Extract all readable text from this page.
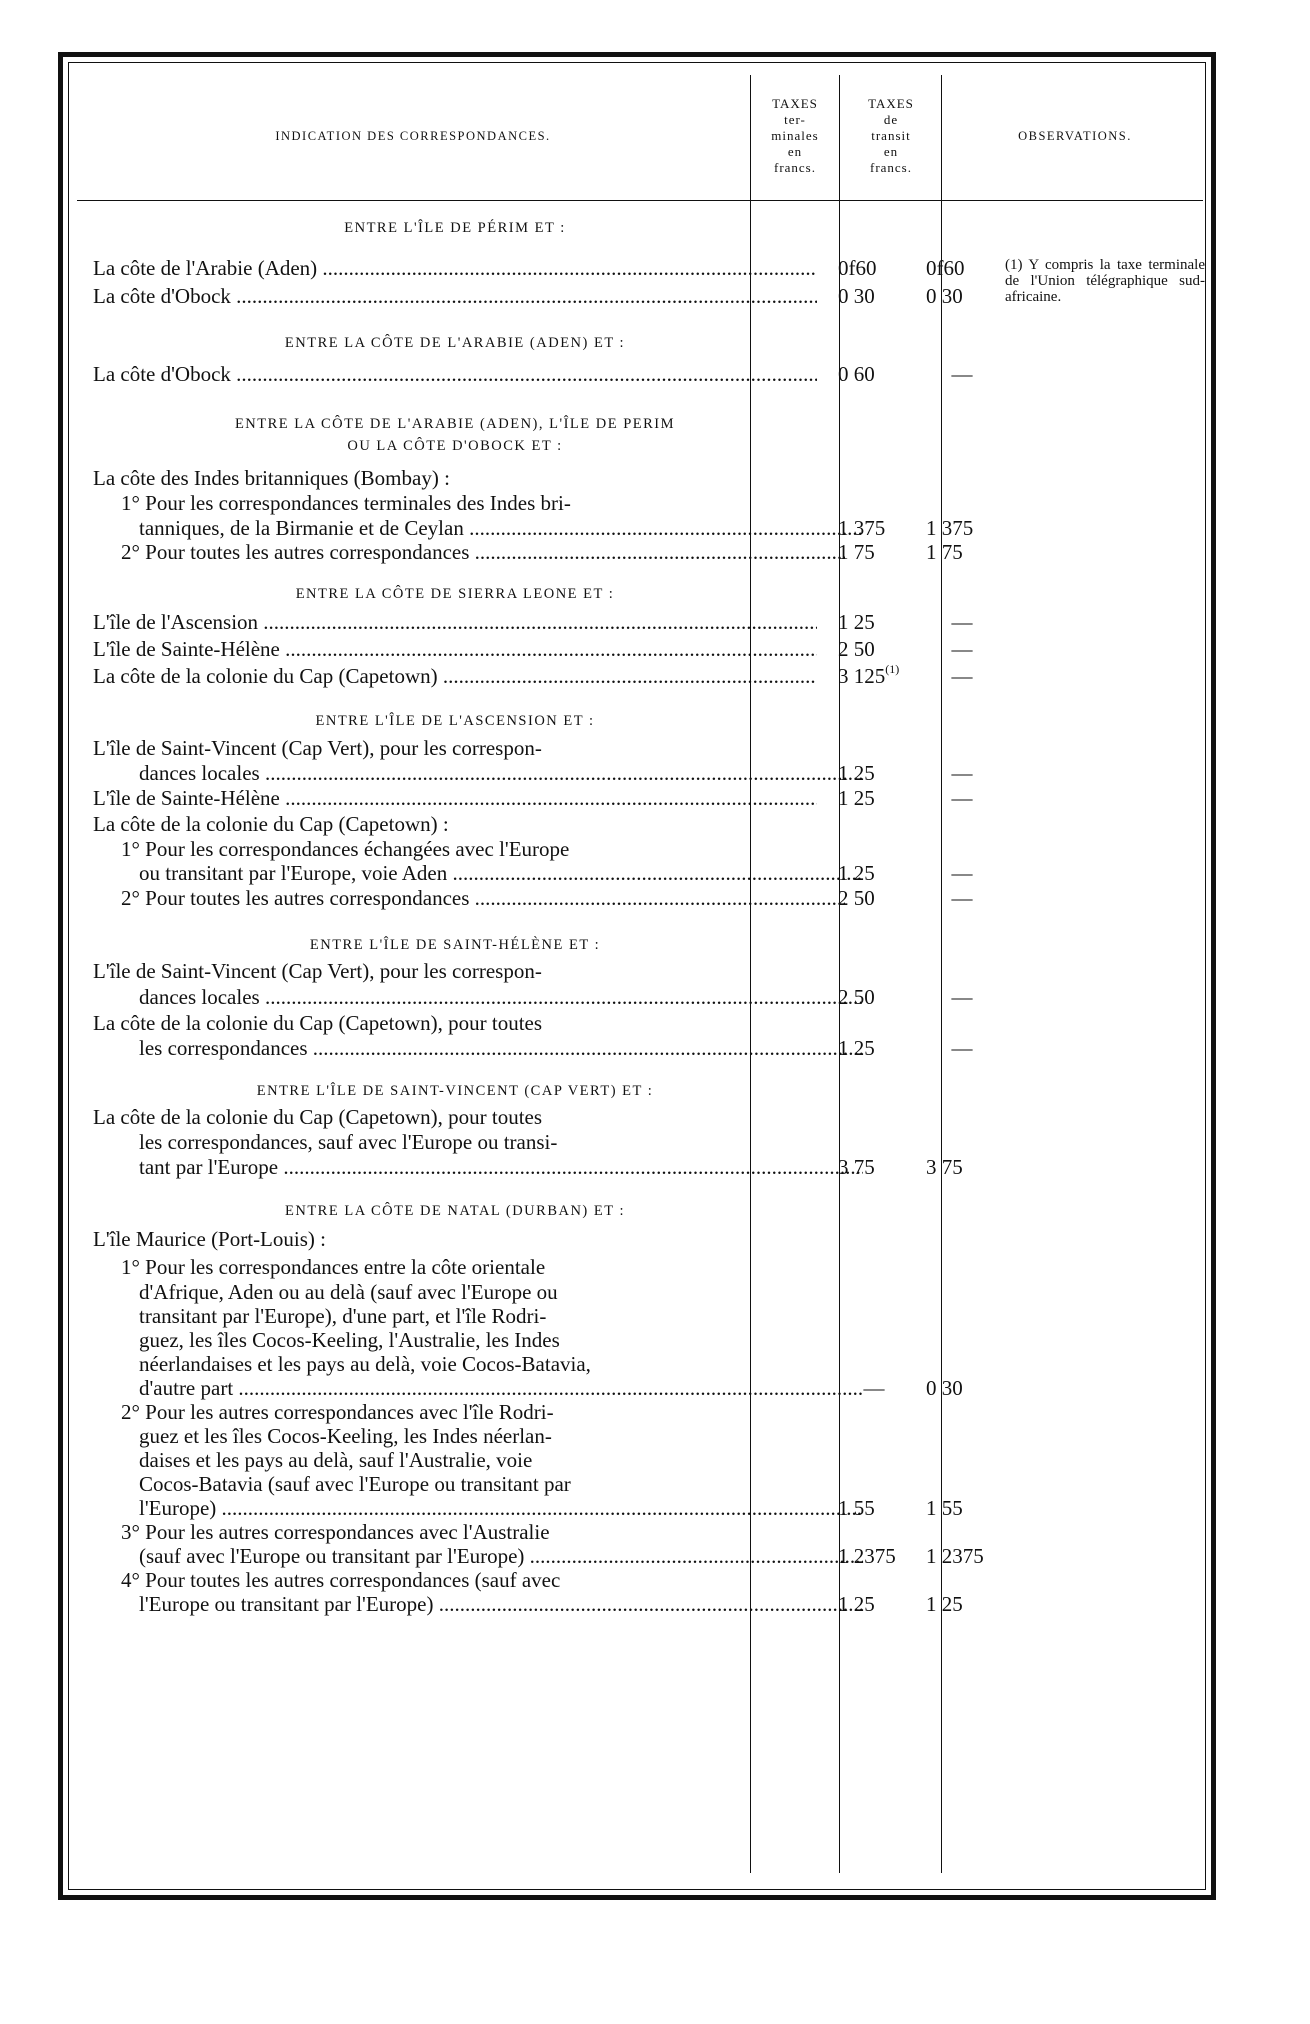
INDICATION DES CORRESPONDANCES.
TAXES
ter-
minales
en
francs.
TAXES
de
transit
en
francs.
OBSERVATIONS.
ENTRE L'ÎLE DE PÉRIM ET :
La côte de l'Arabie (Aden) .....
La côte d'Obock .....
ENTRE LA CÔTE DE L'ARABIE (ADEN) ET :
La côte d'Obock .....
ENTRE LA CÔTE DE L'ARABIE (ADEN), L'ÎLE DE PERIM
OU LA CÔTE D'OBOCK ET :
La côte des Indes britanniques (Bombay) :
1° Pour les correspondances terminales des Indes bri-
tanniques, de la Birmanie et de Ceylan .....
2° Pour toutes les autres correspondances .....
ENTRE LA CÔTE DE SIERRA LEONE ET :
L'île de l'Ascension .....
L'île de Sainte-Hélène .....
La côte de la colonie du Cap (Capetown) .....
ENTRE L'ÎLE DE L'ASCENSION ET :
L'île de Saint-Vincent (Cap Vert), pour les correspon-
dances locales .....
L'île de Sainte-Hélène .....
La côte de la colonie du Cap (Capetown) :
1° Pour les correspondances échangées avec l'Europe
ou transitant par l'Europe, voie Aden .....
2° Pour toutes les autres correspondances .....
ENTRE L'ÎLE DE SAINT-HÉLÈNE ET :
L'île de Saint-Vincent (Cap Vert), pour les correspon-
dances locales .....
La côte de la colonie du Cap (Capetown), pour toutes
les correspondances .....
ENTRE L'ÎLE DE SAINT-VINCENT (CAP VERT) ET :
La côte de la colonie du Cap (Capetown), pour toutes
les correspondances, sauf avec l'Europe ou transi-
tant par l'Europe .....
ENTRE LA CÔTE DE NATAL (DURBAN) ET :
L'île Maurice (Port-Louis) :
1° Pour les correspondances entre la côte orientale
d'Afrique, Aden ou au delà (sauf avec l'Europe ou
transitant par l'Europe), d'une part, et l'île Rodri-
guez, les îles Cocos-Keeling, l'Australie, les Indes
néerlandaises et les pays au delà, voie Cocos-Batavia,
d'autre part .....
2° Pour les autres correspondances avec l'île Rodri-
guez et les îles Cocos-Keeling, les Indes néerlan-
daises et les pays au delà, sauf l'Australie, voie
Cocos-Batavia (sauf avec l'Europe ou transitant par
l'Europe) .....
3° Pour les autres correspondances avec l'Australie
(sauf avec l'Europe ou transitant par l'Europe) .....
4° Pour toutes les autres correspondances (sauf avec
l'Europe ou transitant par l'Europe) .....
0f60
0 30
0 60
1 375
1 75
1 25
2 50
3 125$^{(1)}$
1 25
1 25
1 25
2 50
2 50
1 25
3 75
—
1 55
1 2375
1 25
0f60
0 30
—
1 375
1 75
—
—
—
—
—
—
—
—
—
3 75
0 30
1 55
1 2375
1 25
(1) Y compris la taxe terminale de l'Union télégraphique sud-africaine.
